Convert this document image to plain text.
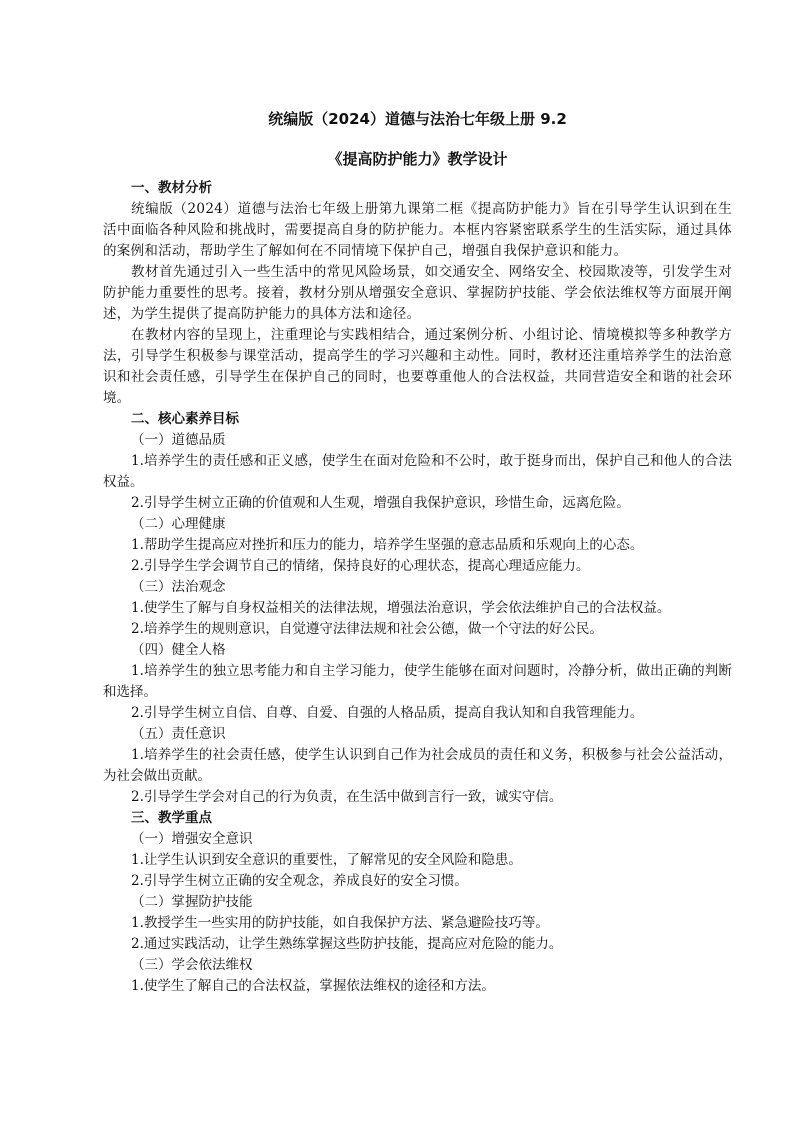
统编版（2024）道德与法治七年级上册 9.2

《提高防护能力》教学设计

一、教材分析

统编版（2024）道德与法治七年级上册第九课第二框《提高防护能力》旨在引导学生认识到在生活中面临各种风险和挑战时，需要提高自身的防护能力。本框内容紧密联系学生的生活实际，通过具体的案例和活动，帮助学生了解如何在不同情境下保护自己，增强自我保护意识和能力。

教材首先通过引入一些生活中的常见风险场景，如交通安全、网络安全、校园欺凌等，引发学生对防护能力重要性的思考。接着，教材分别从增强安全意识、掌握防护技能、学会依法维权等方面展开阐述，为学生提供了提高防护能力的具体方法和途径。

在教材内容的呈现上，注重理论与实践相结合，通过案例分析、小组讨论、情境模拟等多种教学方法，引导学生积极参与课堂活动，提高学生的学习兴趣和主动性。同时，教材还注重培养学生的法治意识和社会责任感，引导学生在保护自己的同时，也要尊重他人的合法权益，共同营造安全和谐的社会环境。

二、核心素养目标

（一）道德品质

1.培养学生的责任感和正义感，使学生在面对危险和不公时，敢于挺身而出，保护自己和他人的合法权益。

2.引导学生树立正确的价值观和人生观，增强自我保护意识，珍惜生命，远离危险。

（二）心理健康

1.帮助学生提高应对挫折和压力的能力，培养学生坚强的意志品质和乐观向上的心态。

2.引导学生学会调节自己的情绪，保持良好的心理状态，提高心理适应能力。

（三）法治观念

1.使学生了解与自身权益相关的法律法规，增强法治意识，学会依法维护自己的合法权益。

2.培养学生的规则意识，自觉遵守法律法规和社会公德，做一个守法的好公民。

（四）健全人格

1.培养学生的独立思考能力和自主学习能力，使学生能够在面对问题时，冷静分析，做出正确的判断和选择。

2.引导学生树立自信、自尊、自爱、自强的人格品质，提高自我认知和自我管理能力。

（五）责任意识

1.培养学生的社会责任感，使学生认识到自己作为社会成员的责任和义务，积极参与社会公益活动，为社会做出贡献。

2.引导学生学会对自己的行为负责，在生活中做到言行一致，诚实守信。

三、教学重点

（一）增强安全意识

1.让学生认识到安全意识的重要性，了解常见的安全风险和隐患。

2.引导学生树立正确的安全观念，养成良好的安全习惯。

（二）掌握防护技能

1.教授学生一些实用的防护技能，如自我保护方法、紧急避险技巧等。

2.通过实践活动，让学生熟练掌握这些防护技能，提高应对危险的能力。

（三）学会依法维权

1.使学生了解自己的合法权益，掌握依法维权的途径和方法。
